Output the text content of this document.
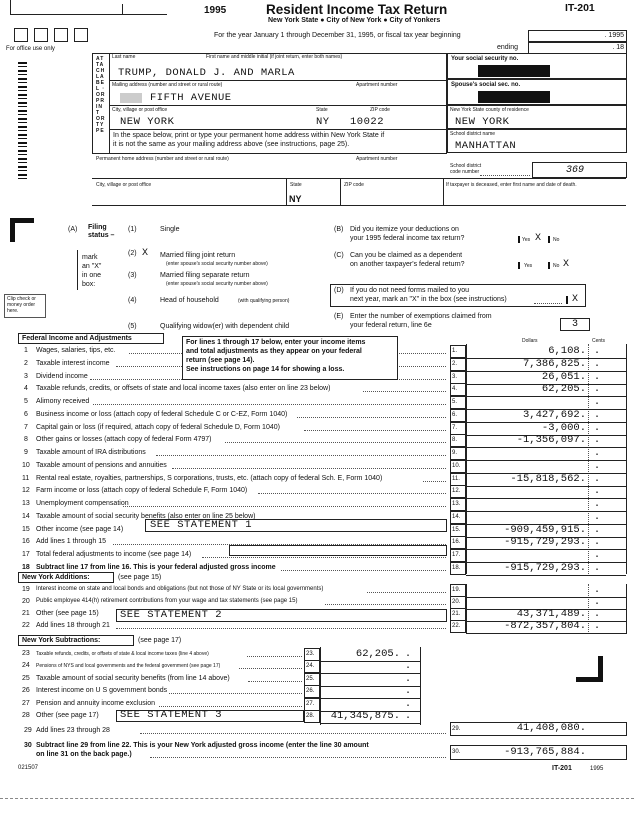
1995	Resident Income Tax Return
New York State ● City of New York ● City of Yonkers
IT-201
For office use only
For the year January 1 through December 31, 1995, or fiscal tax year beginning	. 1995
ending	. 18
ATTACH LABEL · OR PRINT OR TYPE
Last name	First name and middle initial (if joint return, enter both names)
TRUMP, DONALD J. AND MARLA
Mailing address (number and street or rural route)	Apartment number
FIFTH AVENUE
City, village or post office	State	ZIP code
NEW YORK	NY 10022
In the space below, print or type your permanent home address within New York State if
it is not the same as your mailing address above (see instructions, page 25).
Permanent home address (number and street or rural route)	Apartment number
City, village or post office	State	ZIP code
NY
If taxpayer is deceased, enter first name and date of death.
Your social security no.
Spouse's social sec. no.
New York State county of residence
NEW YORK
School district name
MANHATTAN
School district
code number	369
(A) Filing
status –
mark
an "X"
in one
box:
(1)	Single
(2) X Married filing joint return
(enter spouse's social security number above)
(3)	Married filing separate return
(enter spouse's social security number above)
(4)	Head of household	(with qualifying person)
(5)	Qualifying widow(er) with dependent child
Clip check or
money order
here.
(B) Did you itemize your deductions on
your 1995 federal income tax return?	Yes X No
(C) Can you be claimed as a dependent
on another taxpayer's federal return?	Yes	No X
(D) If you do not need forms mailed to you
next year, mark an "X" in the box (see instructions)	X
(E) Enter the number of exemptions claimed from
your federal return, line 6e	3
Federal Income and Adjustments
For lines 1 through 17 below, enter your income items
and total adjustments as they appear on your federal
return (see page 14).
See instructions on page 14 for showing a loss.
Dollars	Cents
1 Wages, salaries, tips, etc.	1.	6,108. .
2 Taxable interest income	2.	7,386,825. .
3 Dividend income	3.	26,051. .
4 Taxable refunds, credits, or offsets of state and local income taxes (also enter on line 23 below)	4.	62,205. .
5 Alimony received	5.	.
6 Business income or loss (attach copy of federal Schedule C or C-EZ, Form 1040)	6.	3,427,692. .
7 Capital gain or loss (if required, attach copy of federal Schedule D, Form 1040)	7.	-3,000. .
8 Other gains or losses (attach copy of federal Form 4797)	8.	-1,356,097. .
9 Taxable amount of IRA distributions	9.	.
10 Taxable amount of pensions and annuities	10.	.
11 Rental real estate, royalties, partnerships, S corporations, trusts, etc. (attach copy of federal Sch. E, Form 1040)	11.	-15,818,562. .
12 Farm income or loss (attach copy of federal Schedule F, Form 1040)	12.	.
13 Unemployment compensation	13.	.
14 Taxable amount of social security benefits (also enter on line 25 below)	14.	.
15 Other income (see page 14)	15.	-909,459,915. .
16 Add lines 1 through 15	16.	-915,729,293. .
17 Total federal adjustments to income (see page 14)	17.	.
18 Subtract line 17 from line 16. This is your federal adjusted gross income	18.	-915,729,293. .
SEE STATEMENT 1
New York Additions:	(see page 15)
19 Interest income on state and local bonds and obligations (but not those of NY State or its local governments)	19.	.
20 Public employee 414(h) retirement contributions from your wage and tax statements (see page 15)	20.	.
21 Other (see page 15)	21.	43,371,489. .
22 Add lines 18 through 21	22.	-872,357,804. .
SEE STATEMENT 2
New York Subtractions:	(see page 17)
23 Taxable refunds, credits, or offsets of state & local income taxes (line 4 above)	23.	62,205. .
24 Pensions of NYS and local governments and the federal government (see page 17)	24.	.
25 Taxable amount of social security benefits (from line 14 above)	25.	.
26 Interest income on U S government bonds	26.	.
27 Pension and annuity income exclusion	27.	.
28 Other (see page 17)	28.	41,345,875. .
SEE STATEMENT 3
29 Add lines 23 through 28	29.	41,408,080.
30 Subtract line 29 from line 22. This is your New York adjusted gross income (enter the line 30 amount
on line 31 on the back page.)	30.	-913,765,884.
021507	IT-201	1995
